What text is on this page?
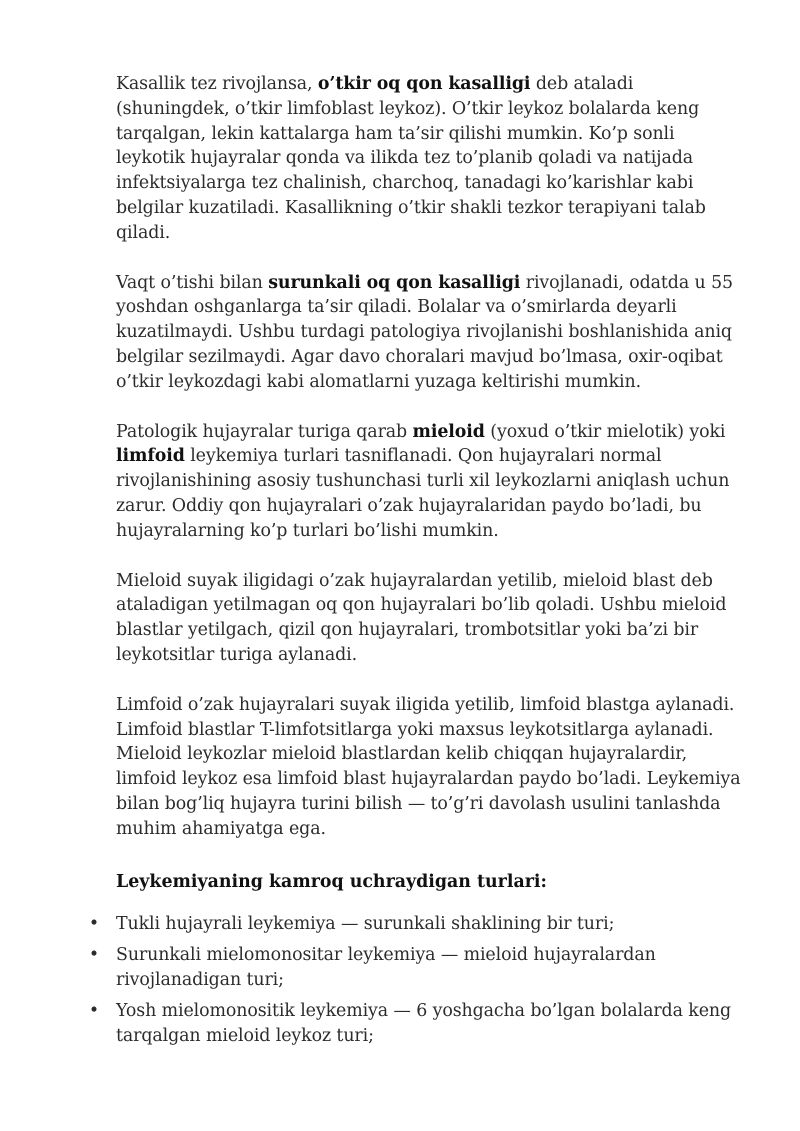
Kasallik tez rivojlansa, o’tkir oq qon kasalligi deb ataladi (shuningdek, o’tkir limfoblast leykoz). O’tkir leykoz bolalarda keng tarqalgan, lekin kattalarga ham ta’sir qilishi mumkin. Ko’p sonli leykotik hujayralar qonda va ilikda tez to’planib qoladi va natijada infektsiyalarga tez chalinish, charchoq, tanadagi ko’karishlar kabi belgilar kuzatiladi. Kasallikning o’tkir shakli tezkor terapiyani talab qiladi.

Vaqt o’tishi bilan surunkali oq qon kasalligi rivojlanadi, odatda u 55 yoshdan oshganlarga ta’sir qiladi. Bolalar va o’smirlarda deyarli kuzatilmaydi. Ushbu turdagi patologiya rivojlanishi boshlanishida aniq belgilar sezilmaydi. Agar davo choralari mavjud bo’lmasa, oxir-oqibat o’tkir leykozdagi kabi alomatlarni yuzaga keltirishi mumkin.

Patologik hujayralar turiga qarab mieloid (yoxud o’tkir mielotik) yoki limfoid leykemiya turlari tasniflanadi. Qon hujayralari normal rivojlanishining asosiy tushunchasi turli xil leykozlarni aniqlash uchun zarur. Oddiy qon hujayralari o’zak hujayralaridan paydo bo’ladi, bu hujayralarning ko’p turlari bo’lishi mumkin.

Mieloid suyak iligidagi o’zak hujayralardan yetilib, mieloid blast deb ataladigan yetilmagan oq qon hujayralari bo’lib qoladi. Ushbu mieloid blastlar yetilgach, qizil qon hujayralari, trombotsitlar yoki ba’zi bir leykotsitlar turiga aylanadi.

Limfoid o’zak hujayralari suyak iligida yetilib, limfoid blastga aylanadi. Limfoid blastlar T-limfotsitlarga yoki maxsus leykotsitlarga aylanadi. Mieloid leykozlar mieloid blastlardan kelib chiqqan hujayralardir, limfoid leykoz esa limfoid blast hujayralardan paydo bo’ladi. Leykemiya bilan bog’liq hujayra turini bilish — to’g’ri davolash usulini tanlashda muhim ahamiyatga ega.

Leykemiyaning kamroq uchraydigan turlari:

• Tukli hujayrali leykemiya — surunkali shaklining bir turi;
• Surunkali mielomonositar leykemiya — mieloid hujayralardan rivojlanadigan turi;
• Yosh mielomonositik leykemiya — 6 yoshgacha bo’lgan bolalarda keng tarqalgan mieloid leykoz turi;
